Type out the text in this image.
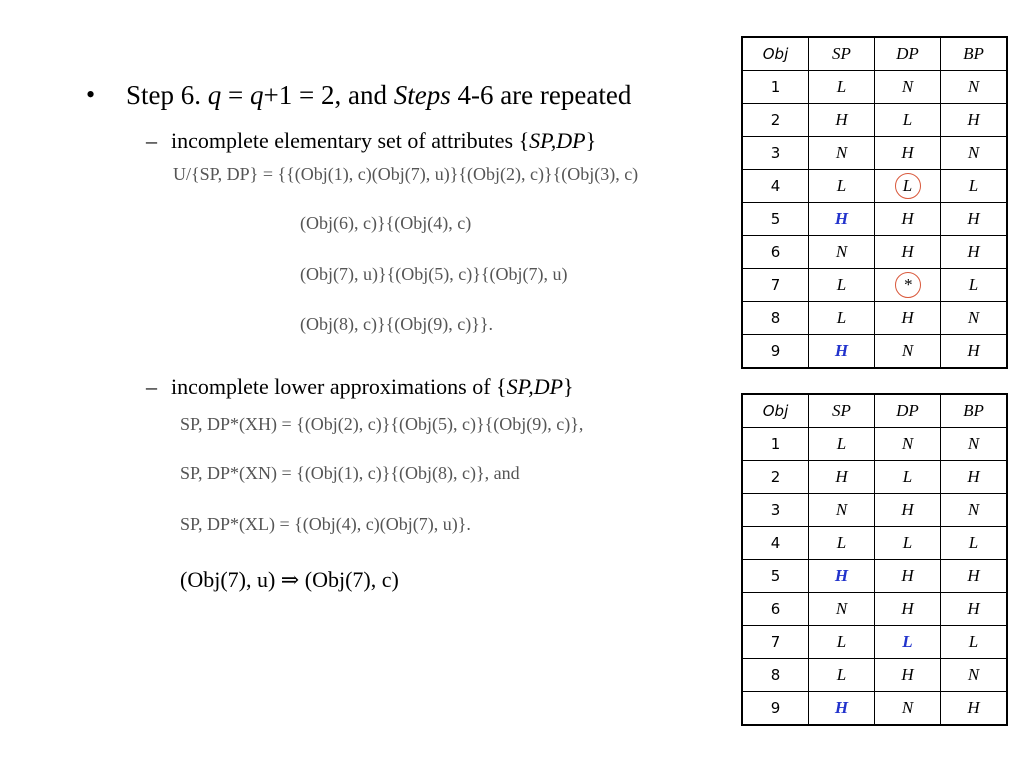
• Step 6. q = q+1 = 2, and Steps 4-6 are repeated
– incomplete elementary set of attributes {SP,DP}
U/{SP, DP} = {{(Obj(1), c)(Obj(7), u)}{(Obj(2), c)}{(Obj(3), c)
(Obj(6), c)}{(Obj(4), c)
(Obj(7), u)}{(Obj(5), c)}{(Obj(7), u)
(Obj(8), c)}{(Obj(9), c)}}.
– incomplete lower approximations of {SP,DP}
SP, DP*(XH) = {(Obj(2), c)}{(Obj(5), c)}{(Obj(9), c)},
SP, DP*(XN) = {(Obj(1), c)}{(Obj(8), c)}, and
SP, DP*(XL) = {(Obj(4), c)(Obj(7), u)}.
(Obj(7), u) ⇒ (Obj(7), c)
Obj	SP	DP	BP
1	L	N	N
2	H	L	H
3	N	H	N
4	L	L	L
5	H	H	H
6	N	H	H
7	L	*	L
8	L	H	N
9	H	N	H
Obj	SP	DP	BP
1	L	N	N
2	H	L	H
3	N	H	N
4	L	L	L
5	H	H	H
6	N	H	H
7	L	L	L
8	L	H	N
9	H	N	H
